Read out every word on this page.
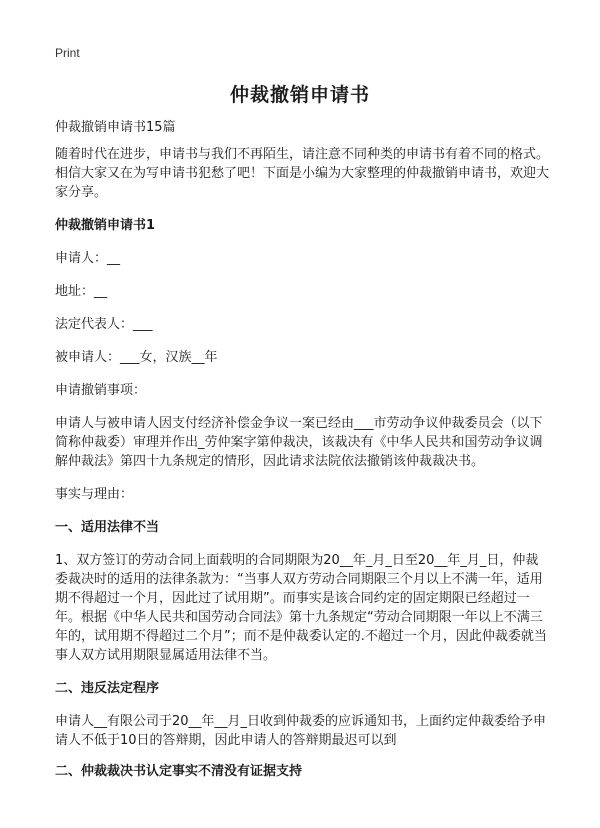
Print
仲裁撤销申请书

仲裁撤销申请书15篇

随着时代在进步，申请书与我们不再陌生，请注意不同种类的申请书有着不同的格式。相信大家又在为写申请书犯愁了吧！下面是小编为大家整理的仲裁撤销申请书，欢迎大家分享。

仲裁撤销申请书1

申请人：__

地址：__

法定代表人：___

被申请人：___女，汉族__年

申请撤销事项：

申请人与被申请人因支付经济补偿金争议一案已经由___市劳动争议仲裁委员会（以下简称仲裁委）审理并作出_劳仲案字第仲裁决，该裁决有《中华人民共和国劳动争议调解仲裁法》第四十九条规定的情形，因此请求法院依法撤销该仲裁裁决书。

事实与理由：

一、适用法律不当

1、双方签订的劳动合同上面载明的合同期限为20__年_月_日至20__年_月_日，仲裁委裁决时的适用的法律条款为：“当事人双方劳动合同期限三个月以上不满一年，适用期不得超过一个月，因此过了试用期”。而事实是该合同约定的固定期限已经超过一年。根据《中华人民共和国劳动合同法》第十九条规定“劳动合同期限一年以上不满三年的，试用期不得超过二个月”；而不是仲裁委认定的.不超过一个月，因此仲裁委就当事人双方试用期限显属适用法律不当。

二、违反法定程序

申请人__有限公司于20__年__月_日收到仲裁委的应诉通知书，上面约定仲裁委给予申请人不低于10日的答辩期，因此申请人的答辩期最迟可以到

二、仲裁裁决书认定事实不清没有证据支持
